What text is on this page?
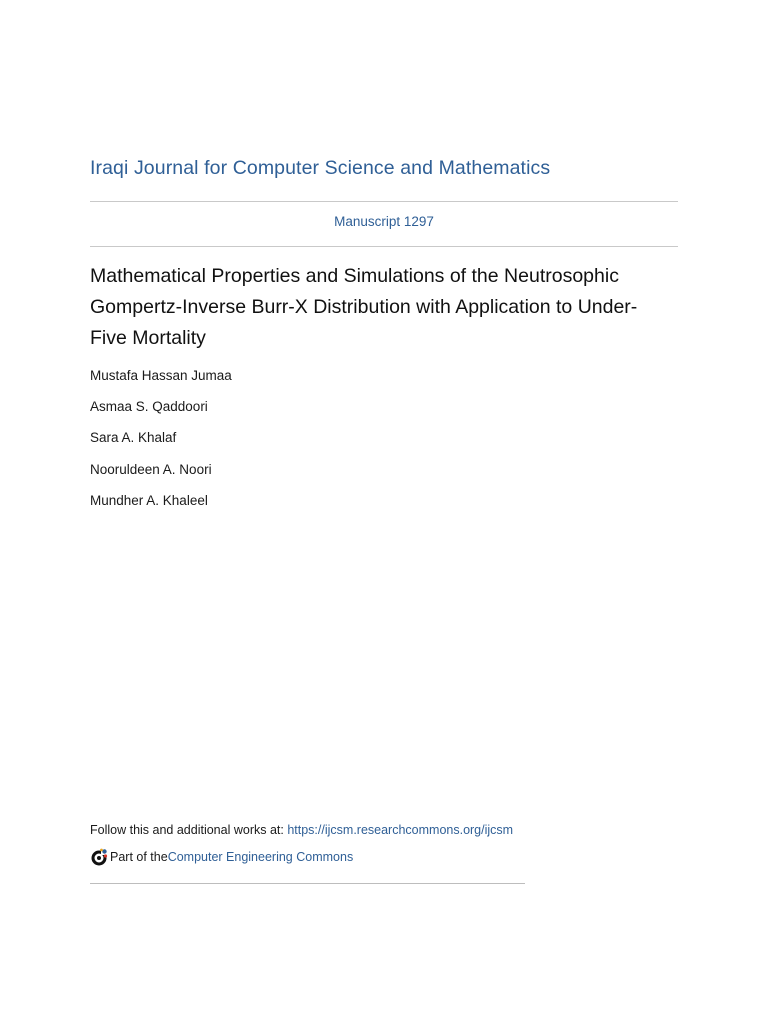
Iraqi Journal for Computer Science and Mathematics
Manuscript 1297
Mathematical Properties and Simulations of the Neutrosophic Gompertz-Inverse Burr-X Distribution with Application to Under-Five Mortality
Mustafa Hassan Jumaa
Asmaa S. Qaddoori
Sara A. Khalaf
Nooruldeen A. Noori
Mundher A. Khaleel
Follow this and additional works at: https://ijcsm.researchcommons.org/ijcsm
Part of the Computer Engineering Commons
